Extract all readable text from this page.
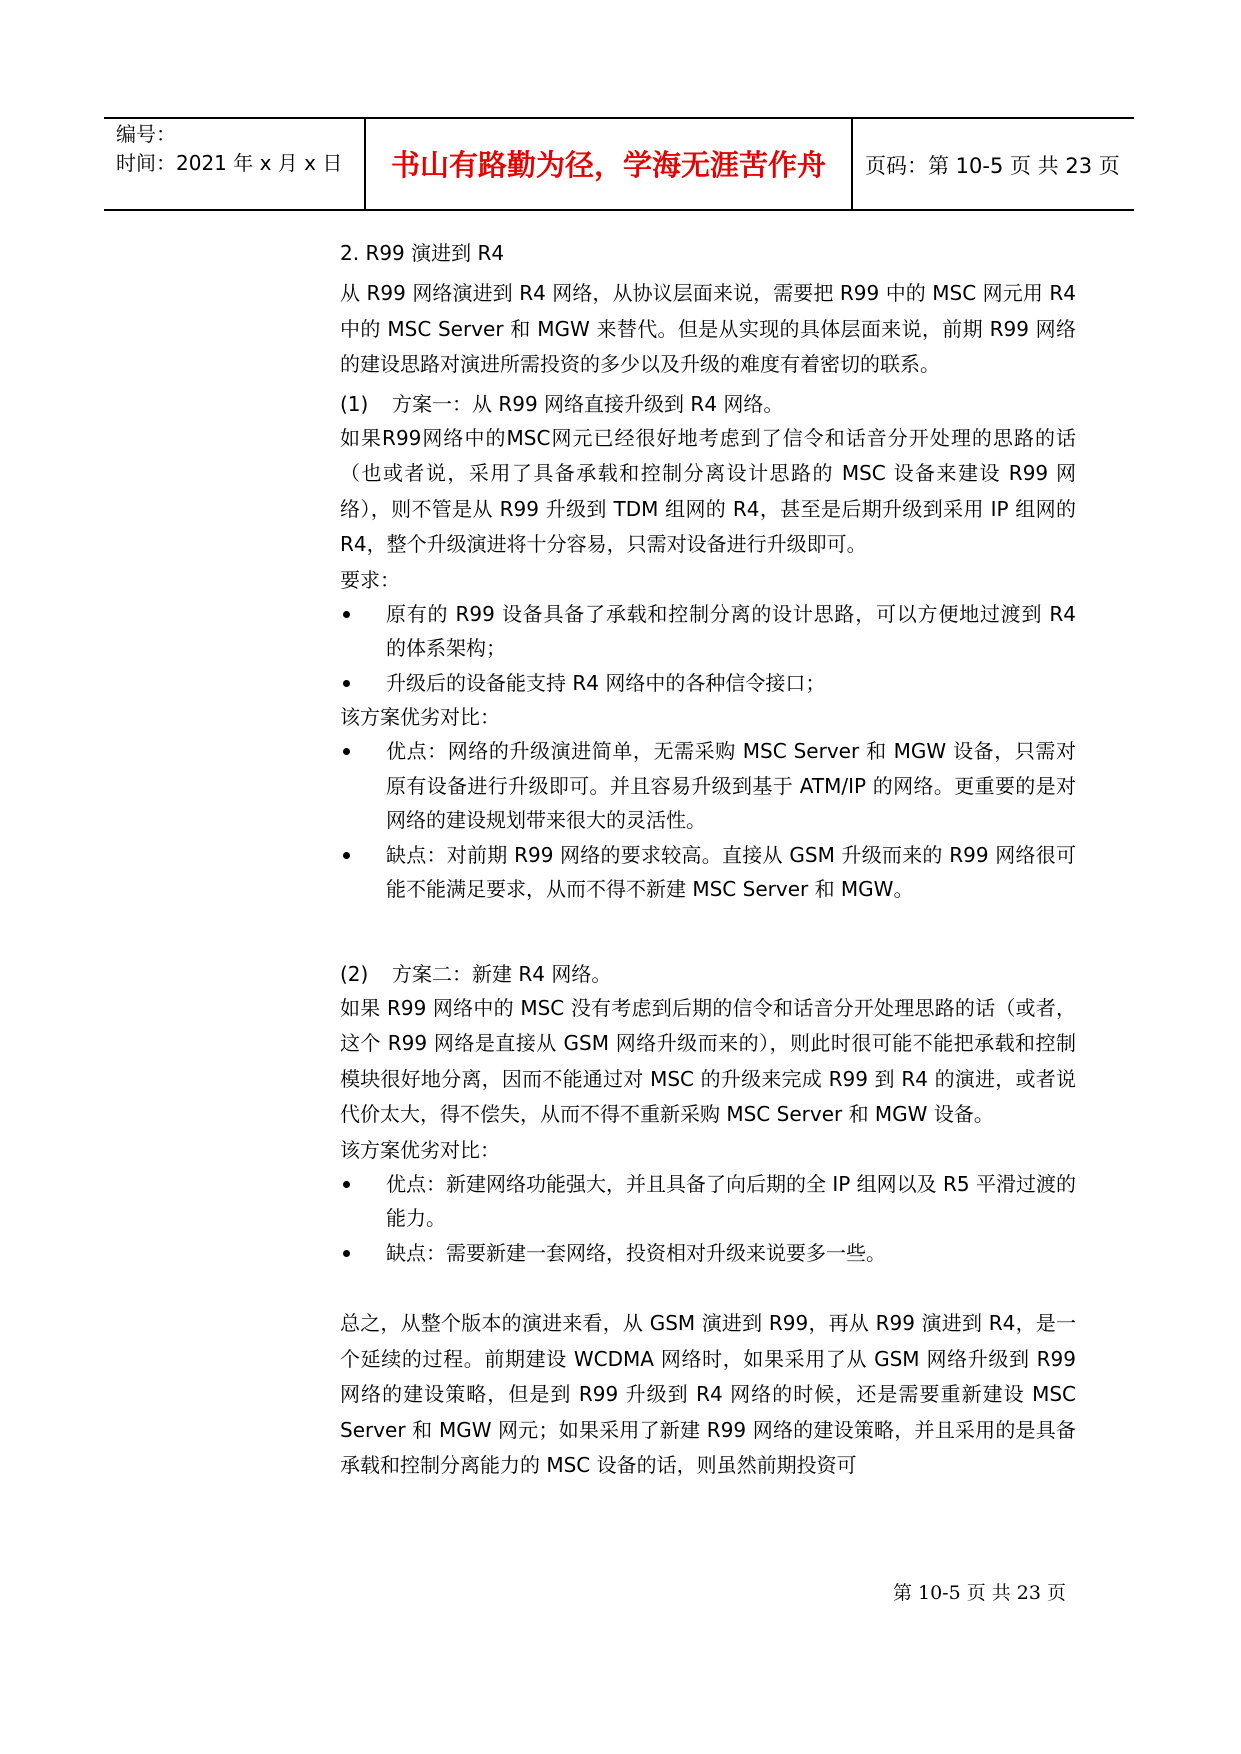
编号：
时间：2021 年 x 月 x 日	书山有路勤为径，学海无涯苦作舟	页码：第 10-5 页 共 23 页
2. R99 演进到 R4

从 R99 网络演进到 R4 网络，从协议层面来说，需要把 R99 中的 MSC 网元用 R4 中的 MSC Server 和 MGW 来替代。但是从实现的具体层面来说，前期 R99 网络的建设思路对演进所需投资的多少以及升级的难度有着密切的联系。

(1) 方案一：从 R99 网络直接升级到 R4 网络。

如果R99网络中的MSC网元已经很好地考虑到了信令和话音分开处理的思路的话（也或者说，采用了具备承载和控制分离设计思路的 MSC 设备来建设 R99 网络），则不管是从 R99 升级到 TDM 组网的 R4，甚至是后期升级到采用 IP 组网的 R4，整个升级演进将十分容易，只需对设备进行升级即可。

要求：
原有的 R99 设备具备了承载和控制分离的设计思路，可以方便地过渡到 R4 的体系架构；
升级后的设备能支持 R4 网络中的各种信令接口；
该方案优劣对比：
优点：网络的升级演进简单，无需采购 MSC Server 和 MGW 设备，只需对原有设备进行升级即可。并且容易升级到基于 ATM/IP 的网络。更重要的是对网络的建设规划带来很大的灵活性。
缺点：对前期 R99 网络的要求较高。直接从 GSM 升级而来的 R99 网络很可能不能满足要求，从而不得不新建 MSC Server 和 MGW。
(2) 方案二：新建 R4 网络。

如果 R99 网络中的 MSC 没有考虑到后期的信令和话音分开处理思路的话（或者，这个 R99 网络是直接从 GSM 网络升级而来的），则此时很可能不能把承载和控制模块很好地分离，因而不能通过对 MSC 的升级来完成 R99 到 R4 的演进，或者说代价太大，得不偿失，从而不得不重新采购 MSC Server 和 MGW 设备。

该方案优劣对比：
优点：新建网络功能强大，并且具备了向后期的全 IP 组网以及 R5 平滑过渡的能力。
缺点：需要新建一套网络，投资相对升级来说要多一些。

总之，从整个版本的演进来看，从 GSM 演进到 R99，再从 R99 演进到 R4，是一个延续的过程。前期建设 WCDMA 网络时，如果采用了从 GSM 网络升级到 R99 网络的建设策略，但是到 R99 升级到 R4 网络的时候，还是需要重新建设 MSC Server 和 MGW 网元；如果采用了新建 R99 网络的建设策略，并且采用的是具备承载和控制分离能力的 MSC 设备的话，则虽然前期投资可

第 10-5 页 共 23 页
